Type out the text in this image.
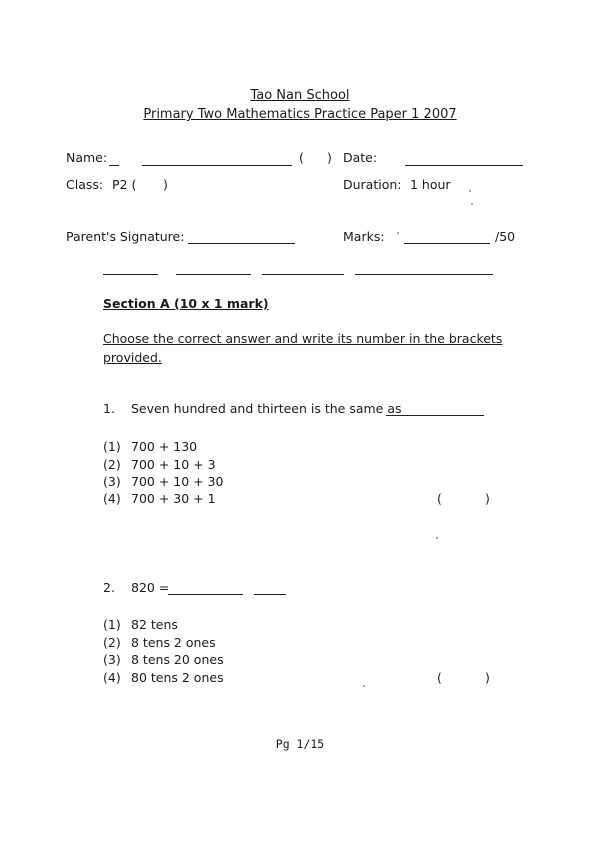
Tao Nan School
Primary Two Mathematics Practice Paper 1 2007
Name:	( ) Date:
Class: P2 ( )	Duration: 1 hour
Parent's Signature:	Marks:	/50
Section A (10 x 1 mark)
Choose the correct answer and write its number in the brackets
provided.
1. Seven hundred and thirteen is the same as
(1) 700 + 130
(2) 700 + 10 + 3
(3) 700 + 10 + 30
(4) 700 + 30 + 1	(	)
2. 820 =
(1) 82 tens
(2) 8 tens 2 ones
(3) 8 tens 20 ones
(4) 80 tens 2 ones	(	)
Pg 1/15
